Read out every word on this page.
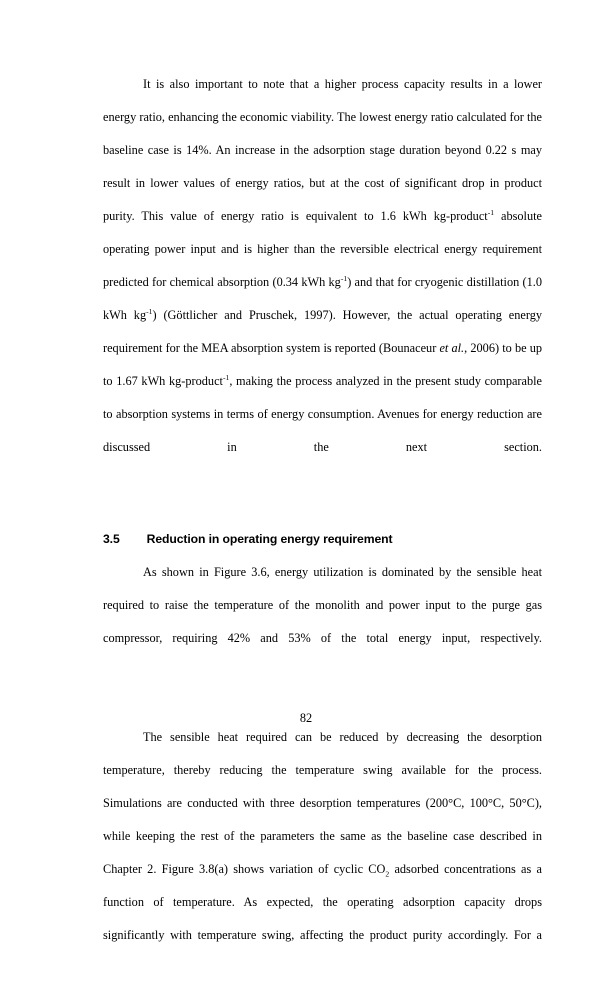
It is also important to note that a higher process capacity results in a lower energy ratio, enhancing the economic viability. The lowest energy ratio calculated for the baseline case is 14%. An increase in the adsorption stage duration beyond 0.22 s may result in lower values of energy ratios, but at the cost of significant drop in product purity. This value of energy ratio is equivalent to 1.6 kWh kg-product$^{-1}$ absolute operating power input and is higher than the reversible electrical energy requirement predicted for chemical absorption (0.34 kWh $kg^{-1}$) and that for cryogenic distillation (1.0 kWh $kg^{-1}$) (Göttlicher and Pruschek, 1997). However, the actual operating energy requirement for the MEA absorption system is reported (Bounaceur et al., 2006) to be up to 1.67 kWh kg-product$^{-1}$, making the process analyzed in the present study comparable to absorption systems in terms of energy consumption. Avenues for energy reduction are discussed in the next section.

3.5 Reduction in operating energy requirement

As shown in Figure 3.6, energy utilization is dominated by the sensible heat required to raise the temperature of the monolith and power input to the purge gas compressor, requiring 42% and 53% of the total energy input, respectively.

The sensible heat required can be reduced by decreasing the desorption temperature, thereby reducing the temperature swing available for the process. Simulations are conducted with three desorption temperatures (200°C, 100°C, 50°C), while keeping the rest of the parameters the same as the baseline case described in Chapter 2. Figure 3.8(a) shows variation of cyclic $CO_2$ adsorbed concentrations as a function of temperature. As expected, the operating adsorption capacity drops significantly with temperature swing, affecting the product purity accordingly. For a

82
